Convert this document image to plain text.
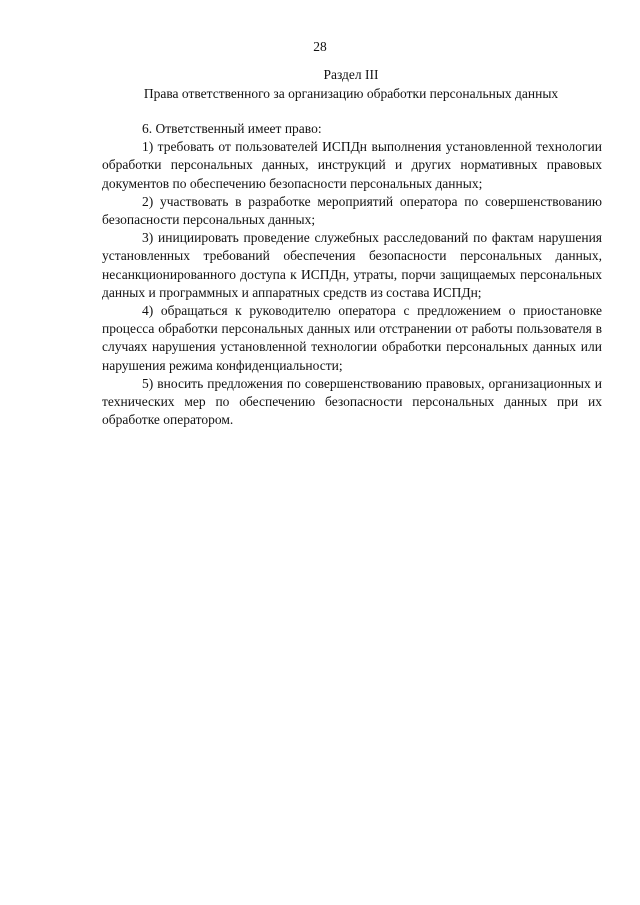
28
Раздел III
Права ответственного за организацию обработки персональных данных

6. Ответственный имеет право:

1) требовать от пользователей ИСПДн выполнения установленной технологии обработки персональных данных, инструкций и других нормативных правовых документов по обеспечению безопасности персональных данных;

2) участвовать в разработке мероприятий оператора по совершенствованию безопасности персональных данных;

3) инициировать проведение служебных расследований по фактам нарушения установленных требований обеспечения безопасности персональных данных, несанкционированного доступа к ИСПДн, утраты, порчи защищаемых персональных данных и программных и аппаратных средств из состава ИСПДн;

4) обращаться к руководителю оператора с предложением о приостановке процесса обработки персональных данных или отстранении от работы пользователя в случаях нарушения установленной технологии обработки персональных данных или нарушения режима конфиденциальности;

5) вносить предложения по совершенствованию правовых, организационных и технических мер по обеспечению безопасности персональных данных при их обработке оператором.
